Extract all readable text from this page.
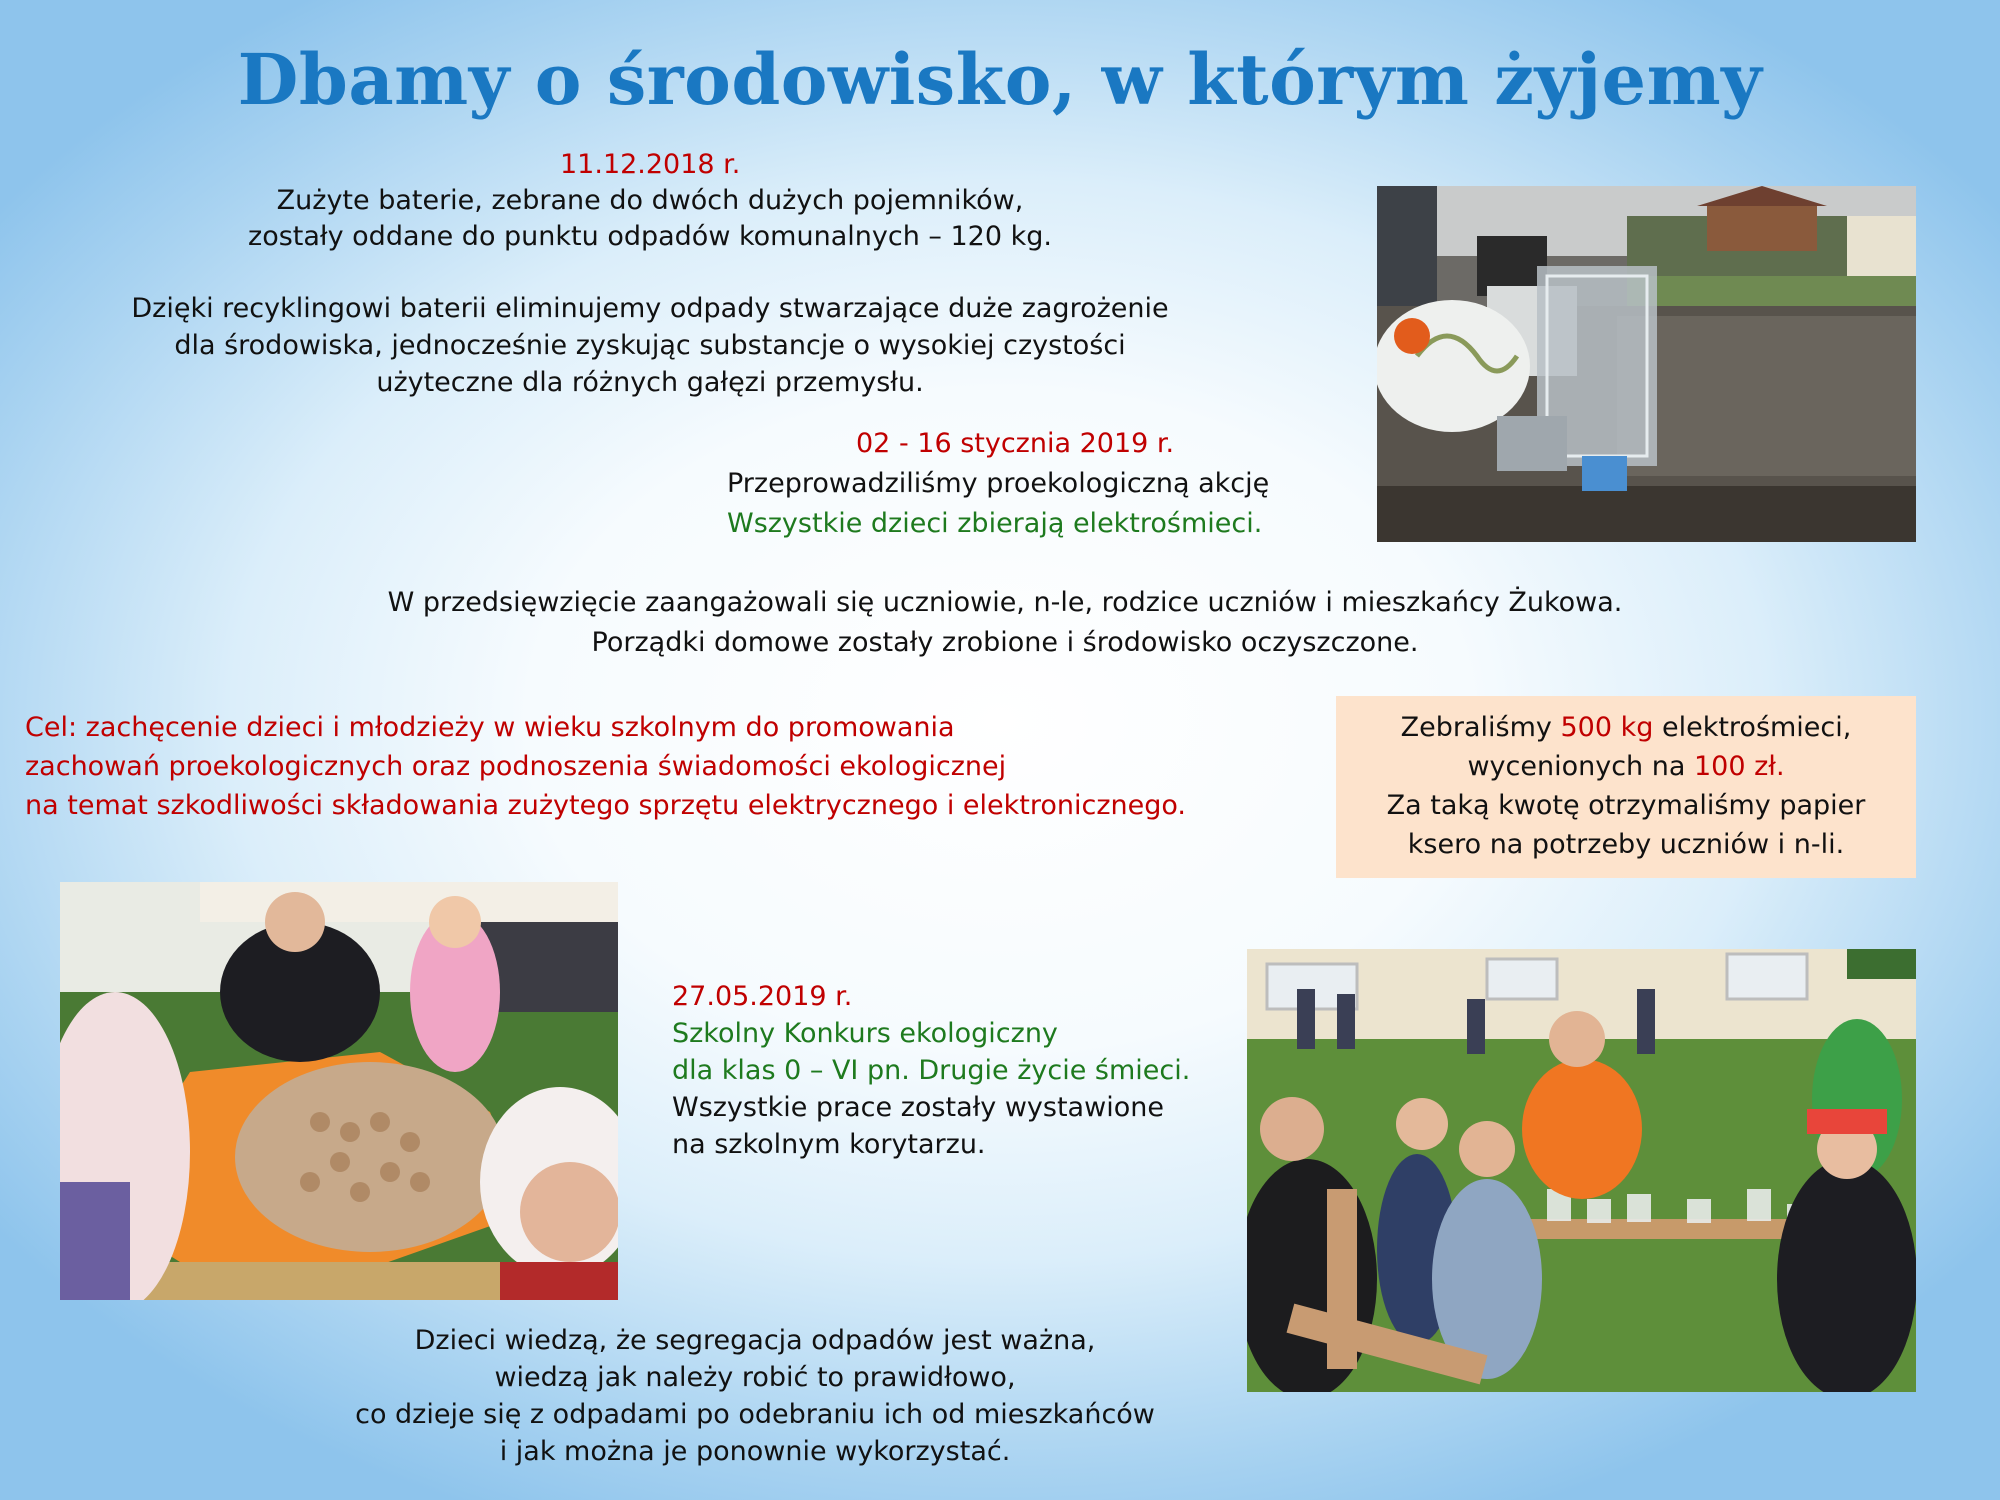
Dbamy o środowisko, w którym żyjemy
11.12.2018 r.
Zużyte baterie, zebrane do dwóch dużych pojemników,
zostały oddane do punktu odpadów komunalnych – 120 kg.
Dzięki recyklingowi baterii eliminujemy odpady stwarzające duże zagrożenie
dla środowiska, jednocześnie zyskując substancje o wysokiej czystości
użyteczne dla różnych gałęzi przemysłu.
02 - 16 stycznia 2019 r.
Przeprowadziliśmy proekologiczną akcję
Wszystkie dzieci zbierają elektrośmieci.
W przedsięwzięcie zaangażowali się uczniowie, n-le, rodzice uczniów i mieszkańcy Żukowa.
Porządki domowe zostały zrobione i środowisko oczyszczone.
Cel: zachęcenie dzieci i młodzieży w wieku szkolnym do promowania
zachowań proekologicznych oraz podnoszenia świadomości ekologicznej
na temat szkodliwości składowania zużytego sprzętu elektrycznego i elektronicznego.
Zebraliśmy 500 kg elektrośmieci,
wycenionych na 100 zł.
Za taką kwotę otrzymaliśmy papier
ksero na potrzeby uczniów i n-li.
27.05.2019 r.
Szkolny Konkurs ekologiczny
dla klas 0 – VI pn. Drugie życie śmieci.
Wszystkie prace zostały wystawione
na szkolnym korytarzu.
Dzieci wiedzą, że segregacja odpadów jest ważna,
wiedzą jak należy robić to prawidłowo,
co dzieje się z odpadami po odebraniu ich od mieszkańców
i jak można je ponownie wykorzystać.
